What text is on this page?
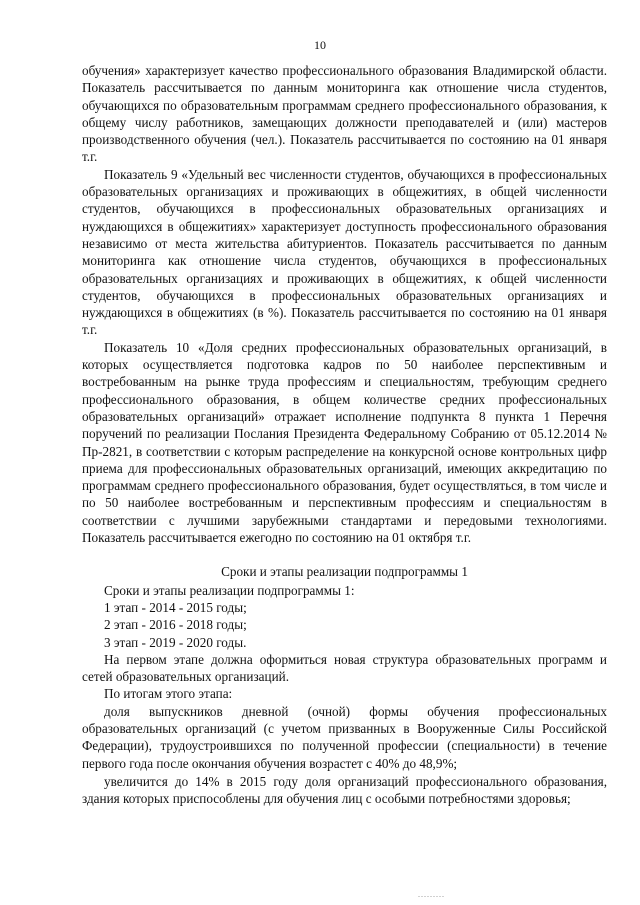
10

обучения» характеризует качество профессионального образования Владимирской области. Показатель рассчитывается по данным мониторинга как отношение числа студентов, обучающихся по образовательным программам среднего профессионального образования, к общему числу работников, замещающих должности преподавателей и (или) мастеров производственного обучения (чел.). Показатель рассчитывается по состоянию на 01 января т.г.

Показатель 9 «Удельный вес численности студентов, обучающихся в профессиональных образовательных организациях и проживающих в общежитиях, в общей численности студентов, обучающихся в профессиональных образовательных организациях и нуждающихся в общежитиях» характеризует доступность профессионального образования независимо от места жительства абитуриентов. Показатель рассчитывается по данным мониторинга как отношение числа студентов, обучающихся в профессиональных образовательных организациях и проживающих в общежитиях, к общей численности студентов, обучающихся в профессиональных образовательных организациях и нуждающихся в общежитиях (в %). Показатель рассчитывается по состоянию на 01 января т.г.

Показатель 10 «Доля средних профессиональных образовательных организаций, в которых осуществляется подготовка кадров по 50 наиболее перспективным и востребованным на рынке труда профессиям и специальностям, требующим среднего профессионального образования, в общем количестве средних профессиональных образовательных организаций» отражает исполнение подпункта 8 пункта 1 Перечня поручений по реализации Послания Президента Федеральному Собранию от 05.12.2014 № Пр-2821, в соответствии с которым распределение на конкурсной основе контрольных цифр приема для профессиональных образовательных организаций, имеющих аккредитацию по программам среднего профессионального образования, будет осуществляться, в том числе и по 50 наиболее востребованным и перспективным профессиям и специальностям в соответствии с лучшими зарубежными стандартами и передовыми технологиями. Показатель рассчитывается ежегодно по состоянию на 01 октября т.г.

Сроки и этапы реализации подпрограммы 1

Сроки и этапы реализации подпрограммы 1:

1 этап - 2014 - 2015 годы;

2 этап - 2016 - 2018 годы;

3 этап - 2019 - 2020 годы.

На первом этапе должна оформиться новая структура образовательных программ и сетей образовательных организаций.

По итогам этого этапа:

доля выпускников дневной (очной) формы обучения профессиональных образовательных организаций (с учетом призванных в Вооруженные Силы Российской Федерации), трудоустроившихся по полученной профессии (специальности) в течение первого года после окончания обучения возрастет с 40% до 48,9%;

увеличится до 14% в 2015 году доля организаций профессионального образования, здания которых приспособлены для обучения лиц с особыми потребностями здоровья;

.........
